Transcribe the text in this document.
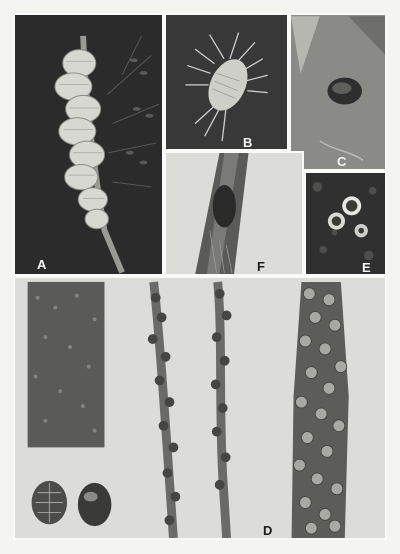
A
B
C
F	E
D
